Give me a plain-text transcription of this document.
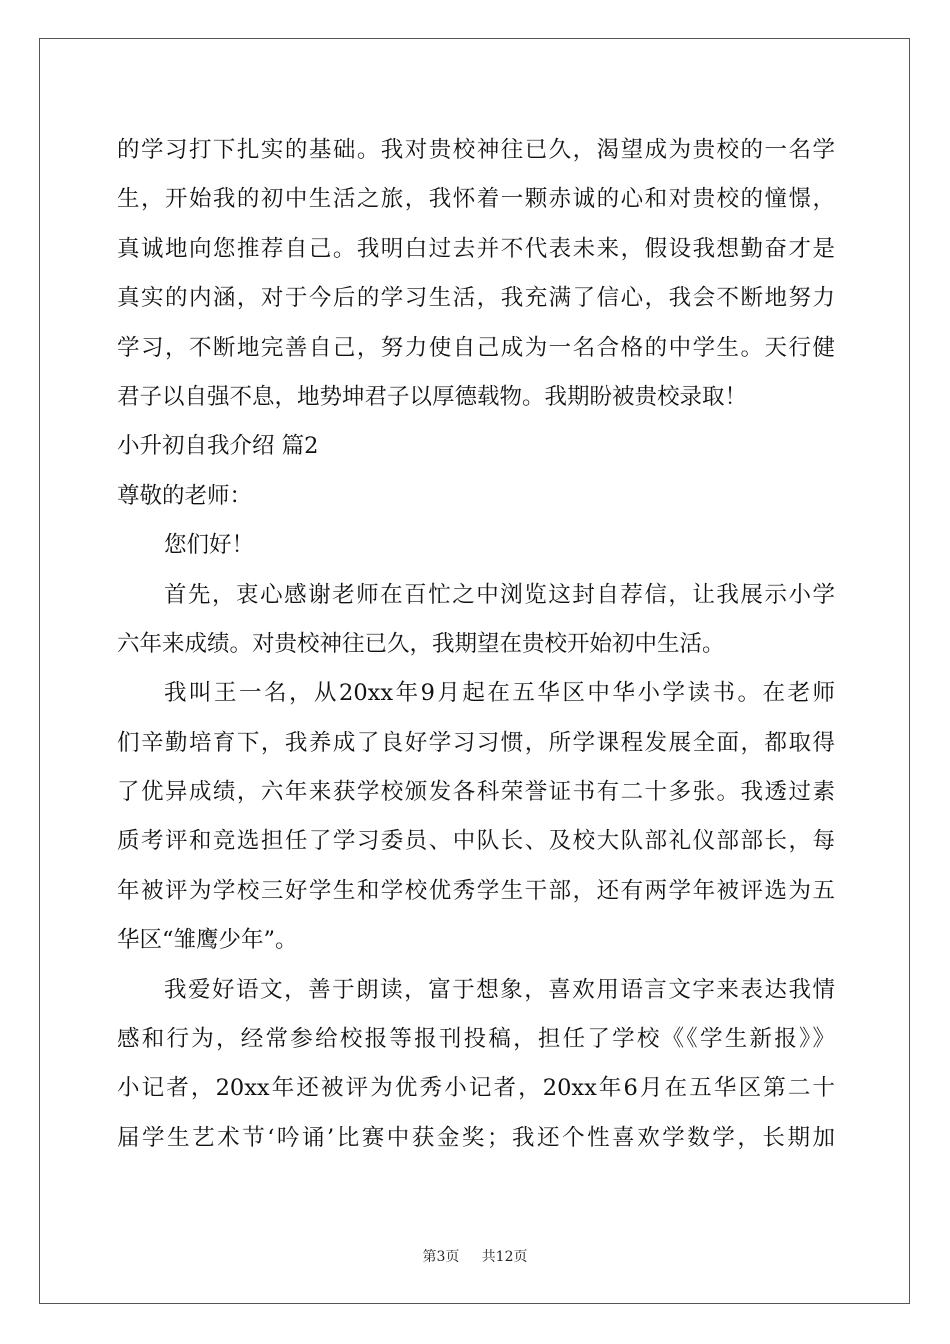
的学习打下扎实的基础。我对贵校神往已久，渴望成为贵校的一名学
生，开始我的初中生活之旅，我怀着一颗赤诚的心和对贵校的憧憬，
真诚地向您推荐自己。我明白过去并不代表未来，假设我想勤奋才是
真实的内涵，对于今后的学习生活，我充满了信心，我会不断地努力
学习，不断地完善自己，努力使自己成为一名合格的中学生。天行健
君子以自强不息，地势坤君子以厚德载物。我期盼被贵校录取！
小升初自我介绍 篇2
尊敬的老师：
您们好！
首先，衷心感谢老师在百忙之中浏览这封自荐信，让我展示小学
六年来成绩。对贵校神往已久，我期望在贵校开始初中生活。
我叫王一名，从20xx年9月起在五华区中华小学读书。在老师
们辛勤培育下，我养成了良好学习习惯，所学课程发展全面，都取得
了优异成绩，六年来获学校颁发各科荣誉证书有二十多张。我透过素
质考评和竞选担任了学习委员、中队长、及校大队部礼仪部部长，每
年被评为学校三好学生和学校优秀学生干部，还有两学年被评选为五
华区“雏鹰少年”。
我爱好语文，善于朗读，富于想象，喜欢用语言文字来表达我情
感和行为，经常参给校报等报刊投稿，担任了学校《《学生新报》》
小记者，20xx年还被评为优秀小记者，20xx年6月在五华区第二十
届学生艺术节‘吟诵’比赛中获金奖；我还个性喜欢学数学，长期加
第3页 共12页
